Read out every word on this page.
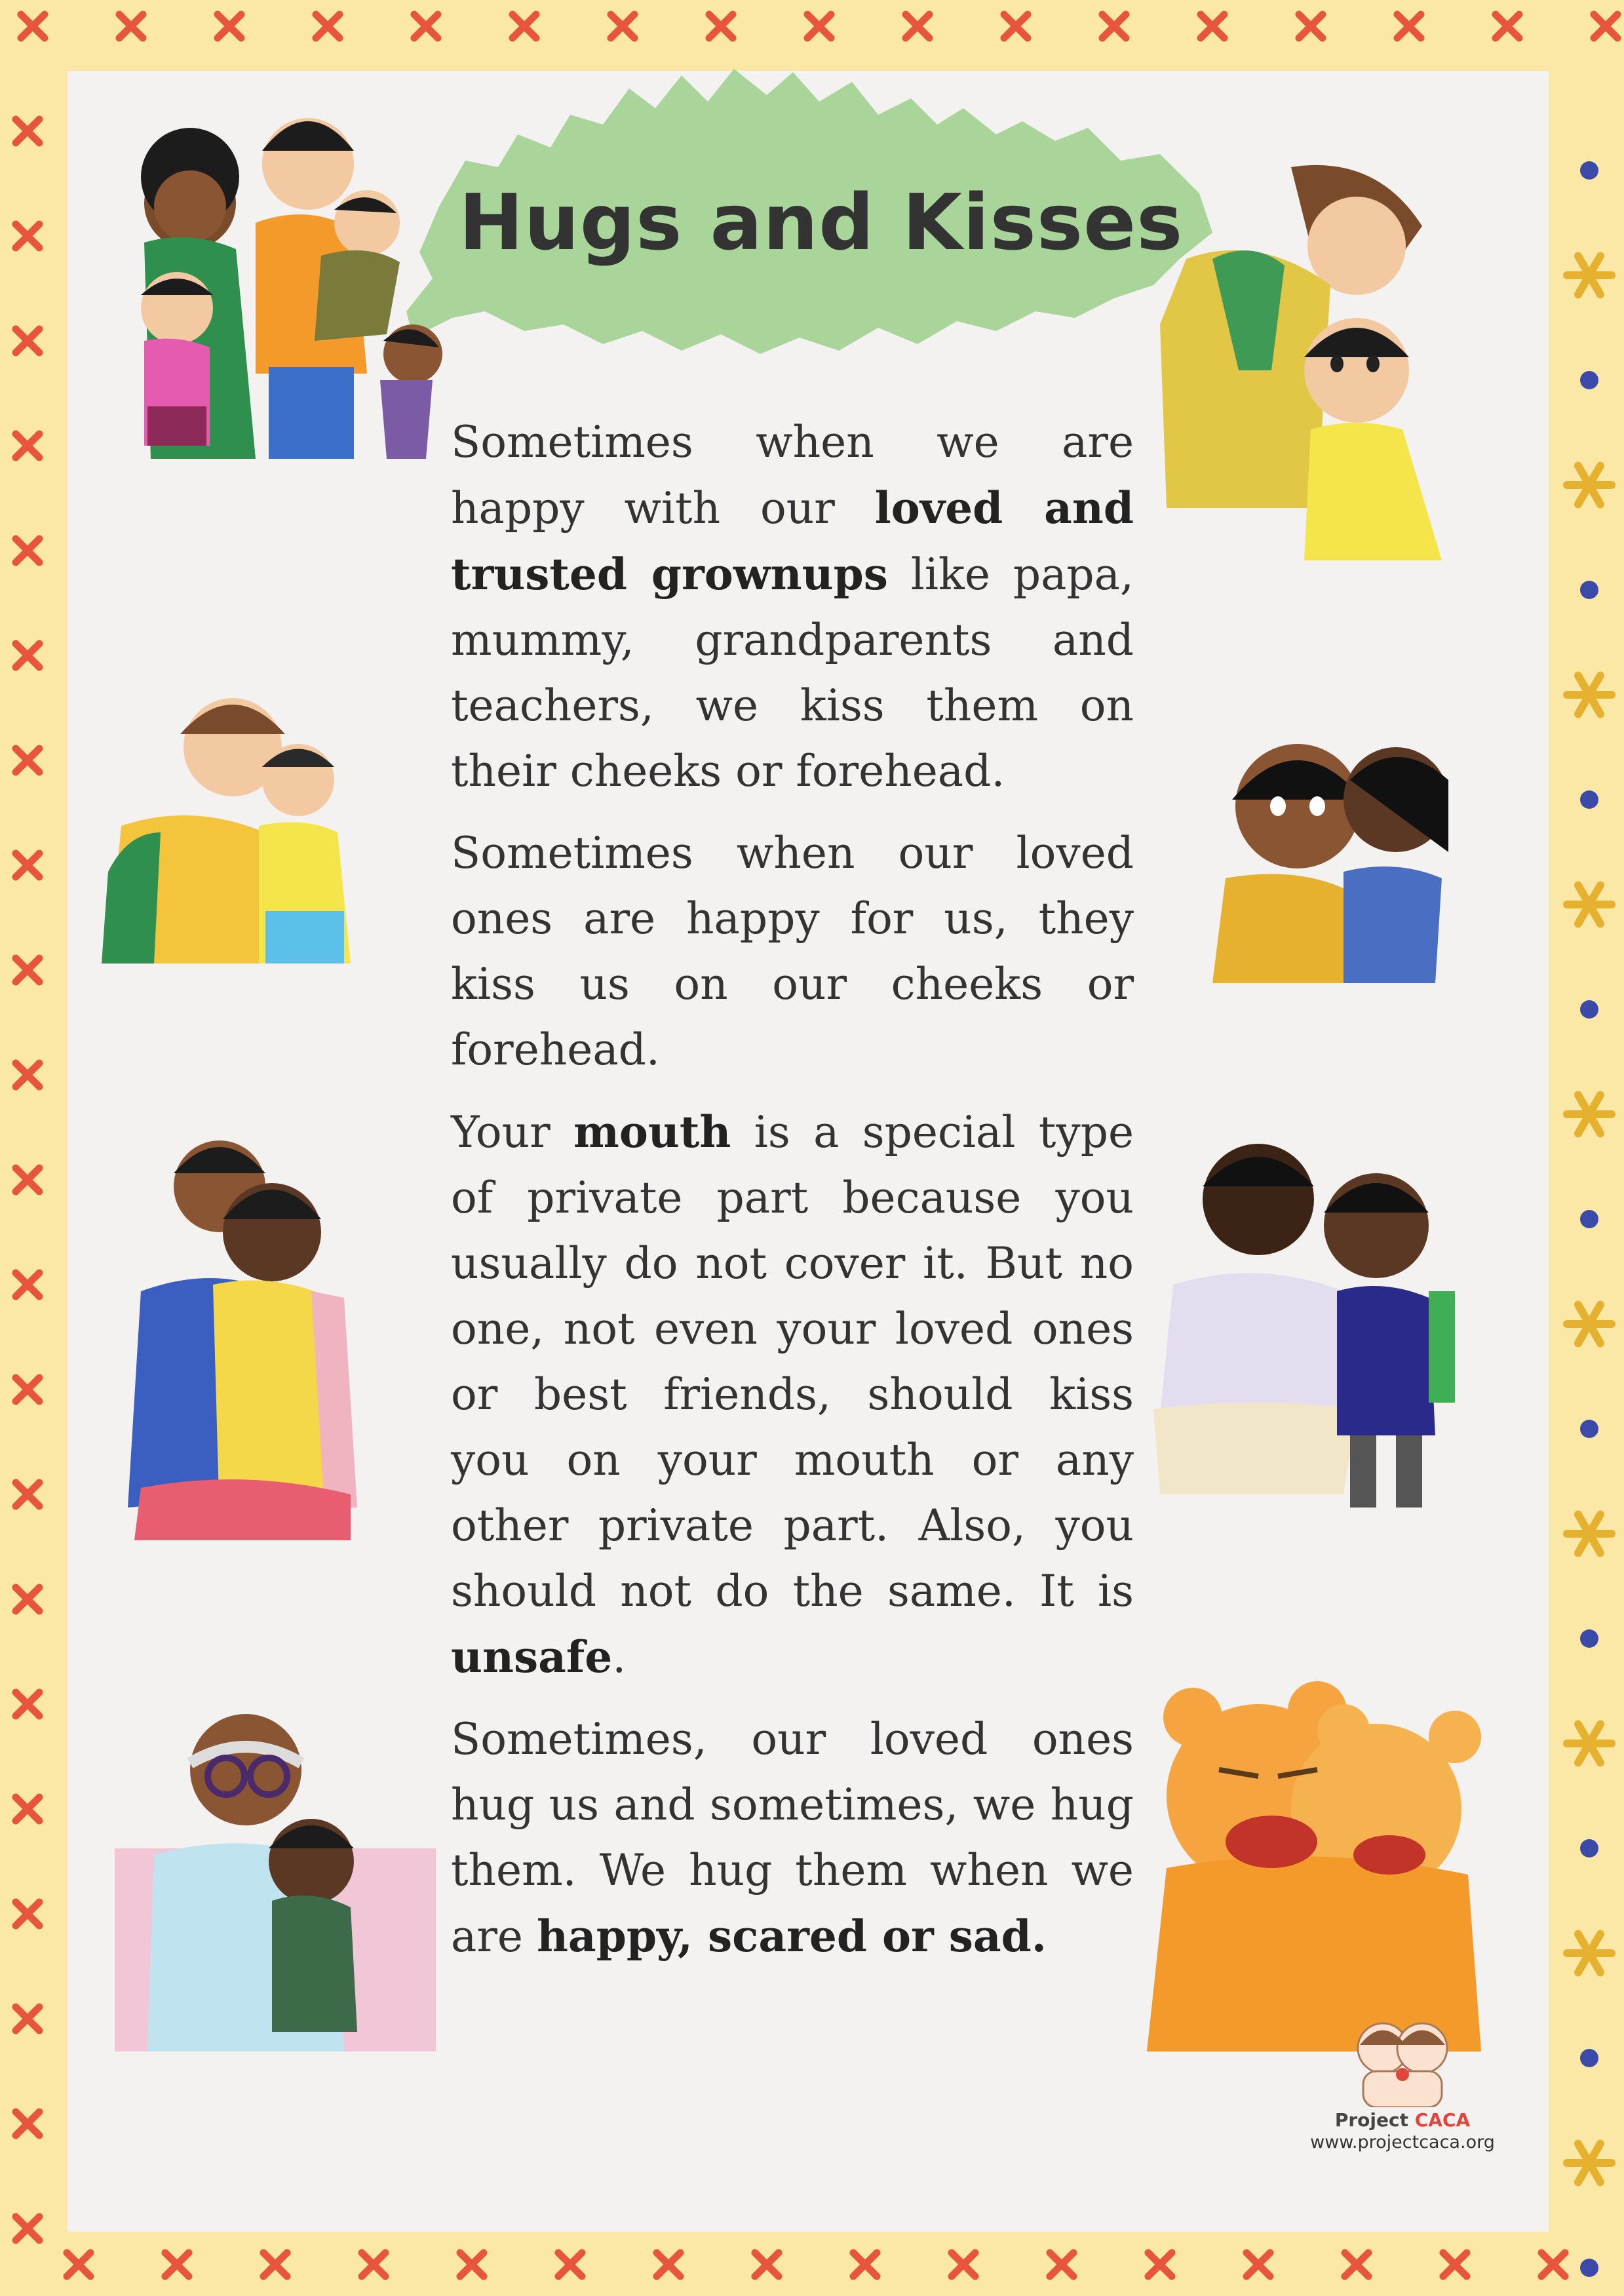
Hugs and Kisses

Sometimes when we are happy with our loved and trusted grownups like papa, mummy, grandparents and teachers, we kiss them on their cheeks or forehead.

Sometimes when our loved ones are happy for us, they kiss us on our cheeks or forehead.

Your mouth is a special type of private part because you usually do not cover it. But no one, not even your loved ones or best friends, should kiss you on your mouth or any other private part. Also, you should not do the same. It is unsafe.

Sometimes, our loved ones hug us and sometimes, we hug them. We hug them when we are happy, scared or sad.

Project CACA
www.projectcaca.org
